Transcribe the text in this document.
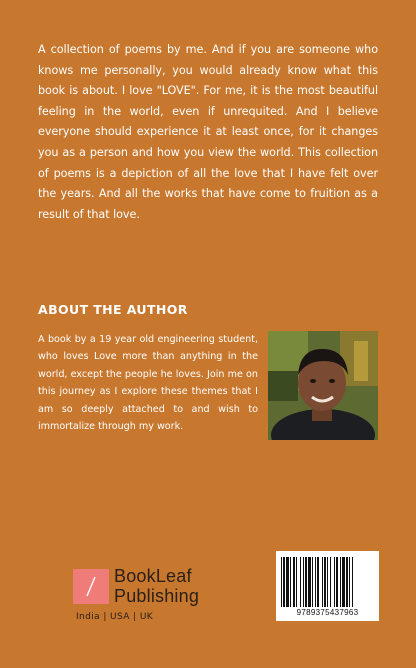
A collection of poems by me. And if you are someone who knows me personally, you would already know what this book is about. I love "LOVE". For me, it is the most beautiful feeling in the world, even if unrequited. And I believe everyone should experience it at least once, for it changes you as a person and how you view the world. This collection of poems is a depiction of all the love that I have felt over the years. And all the works that have come to fruition as a result of that love.
ABOUT THE AUTHOR
A book by a 19 year old engineering student, who loves Love more than anything in the world, except the people he loves. Join me on this journey as I explore these themes that I am so deeply attached to and wish to immortalize through my work.
BookLeaf
Publishing
India | USA | UK	9789375437963
